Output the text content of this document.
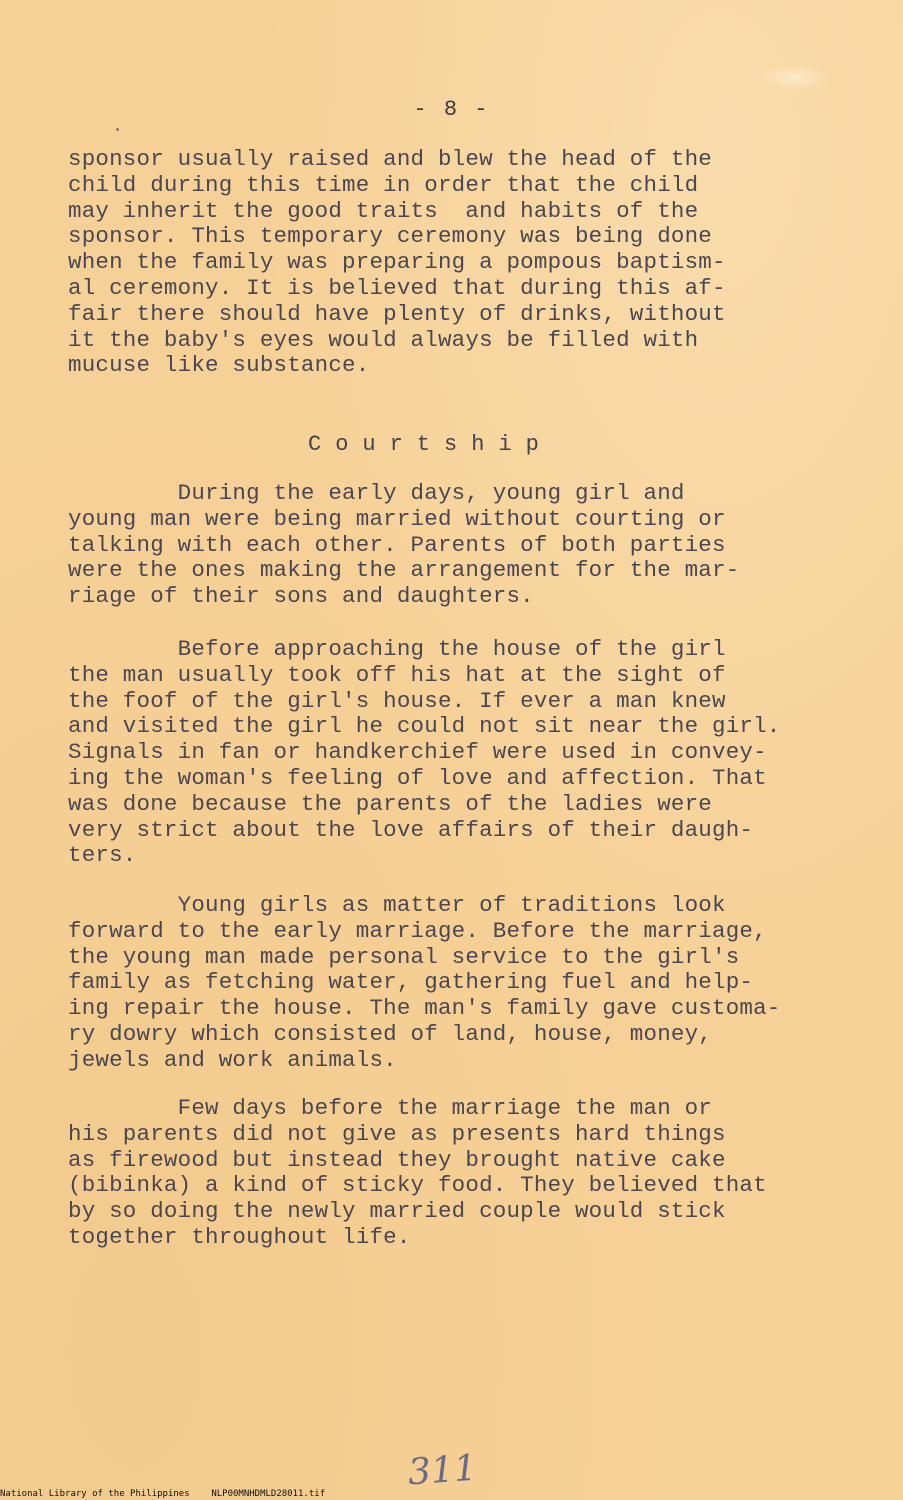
- 8 -
sponsor usually raised and blew the head of the
child during this time in order that the child
may inherit the good traits  and habits of the
sponsor. This temporary ceremony was being done
when the family was preparing a pompous baptism-
al ceremony. It is believed that during this af-
fair there should have plenty of drinks, without
it the baby's eyes would always be filled with
mucuse like substance.
Courtship
During the early days, young girl and
young man were being married without courting or
talking with each other. Parents of both parties
were the ones making the arrangement for the mar-
riage of their sons and daughters.
Before approaching the house of the girl
the man usually took off his hat at the sight of
the foof of the girl's house. If ever a man knew
and visited the girl he could not sit near the girl.
Signals in fan or handkerchief were used in convey-
ing the woman's feeling of love and affection. That
was done because the parents of the ladies were
very strict about the love affairs of their daugh-
ters.
Young girls as matter of traditions look
forward to the early marriage. Before the marriage,
the young man made personal service to the girl's
family as fetching water, gathering fuel and help-
ing repair the house. The man's family gave customa-
ry dowry which consisted of land, house, money,
jewels and work animals.
Few days before the marriage the man or
his parents did not give as presents hard things
as firewood but instead they brought native cake
(bibinka) a kind of sticky food. They believed that
by so doing the newly married couple would stick
together throughout life.
311
National Library of the Philippines    NLP00MNHDMLD28011.tif
